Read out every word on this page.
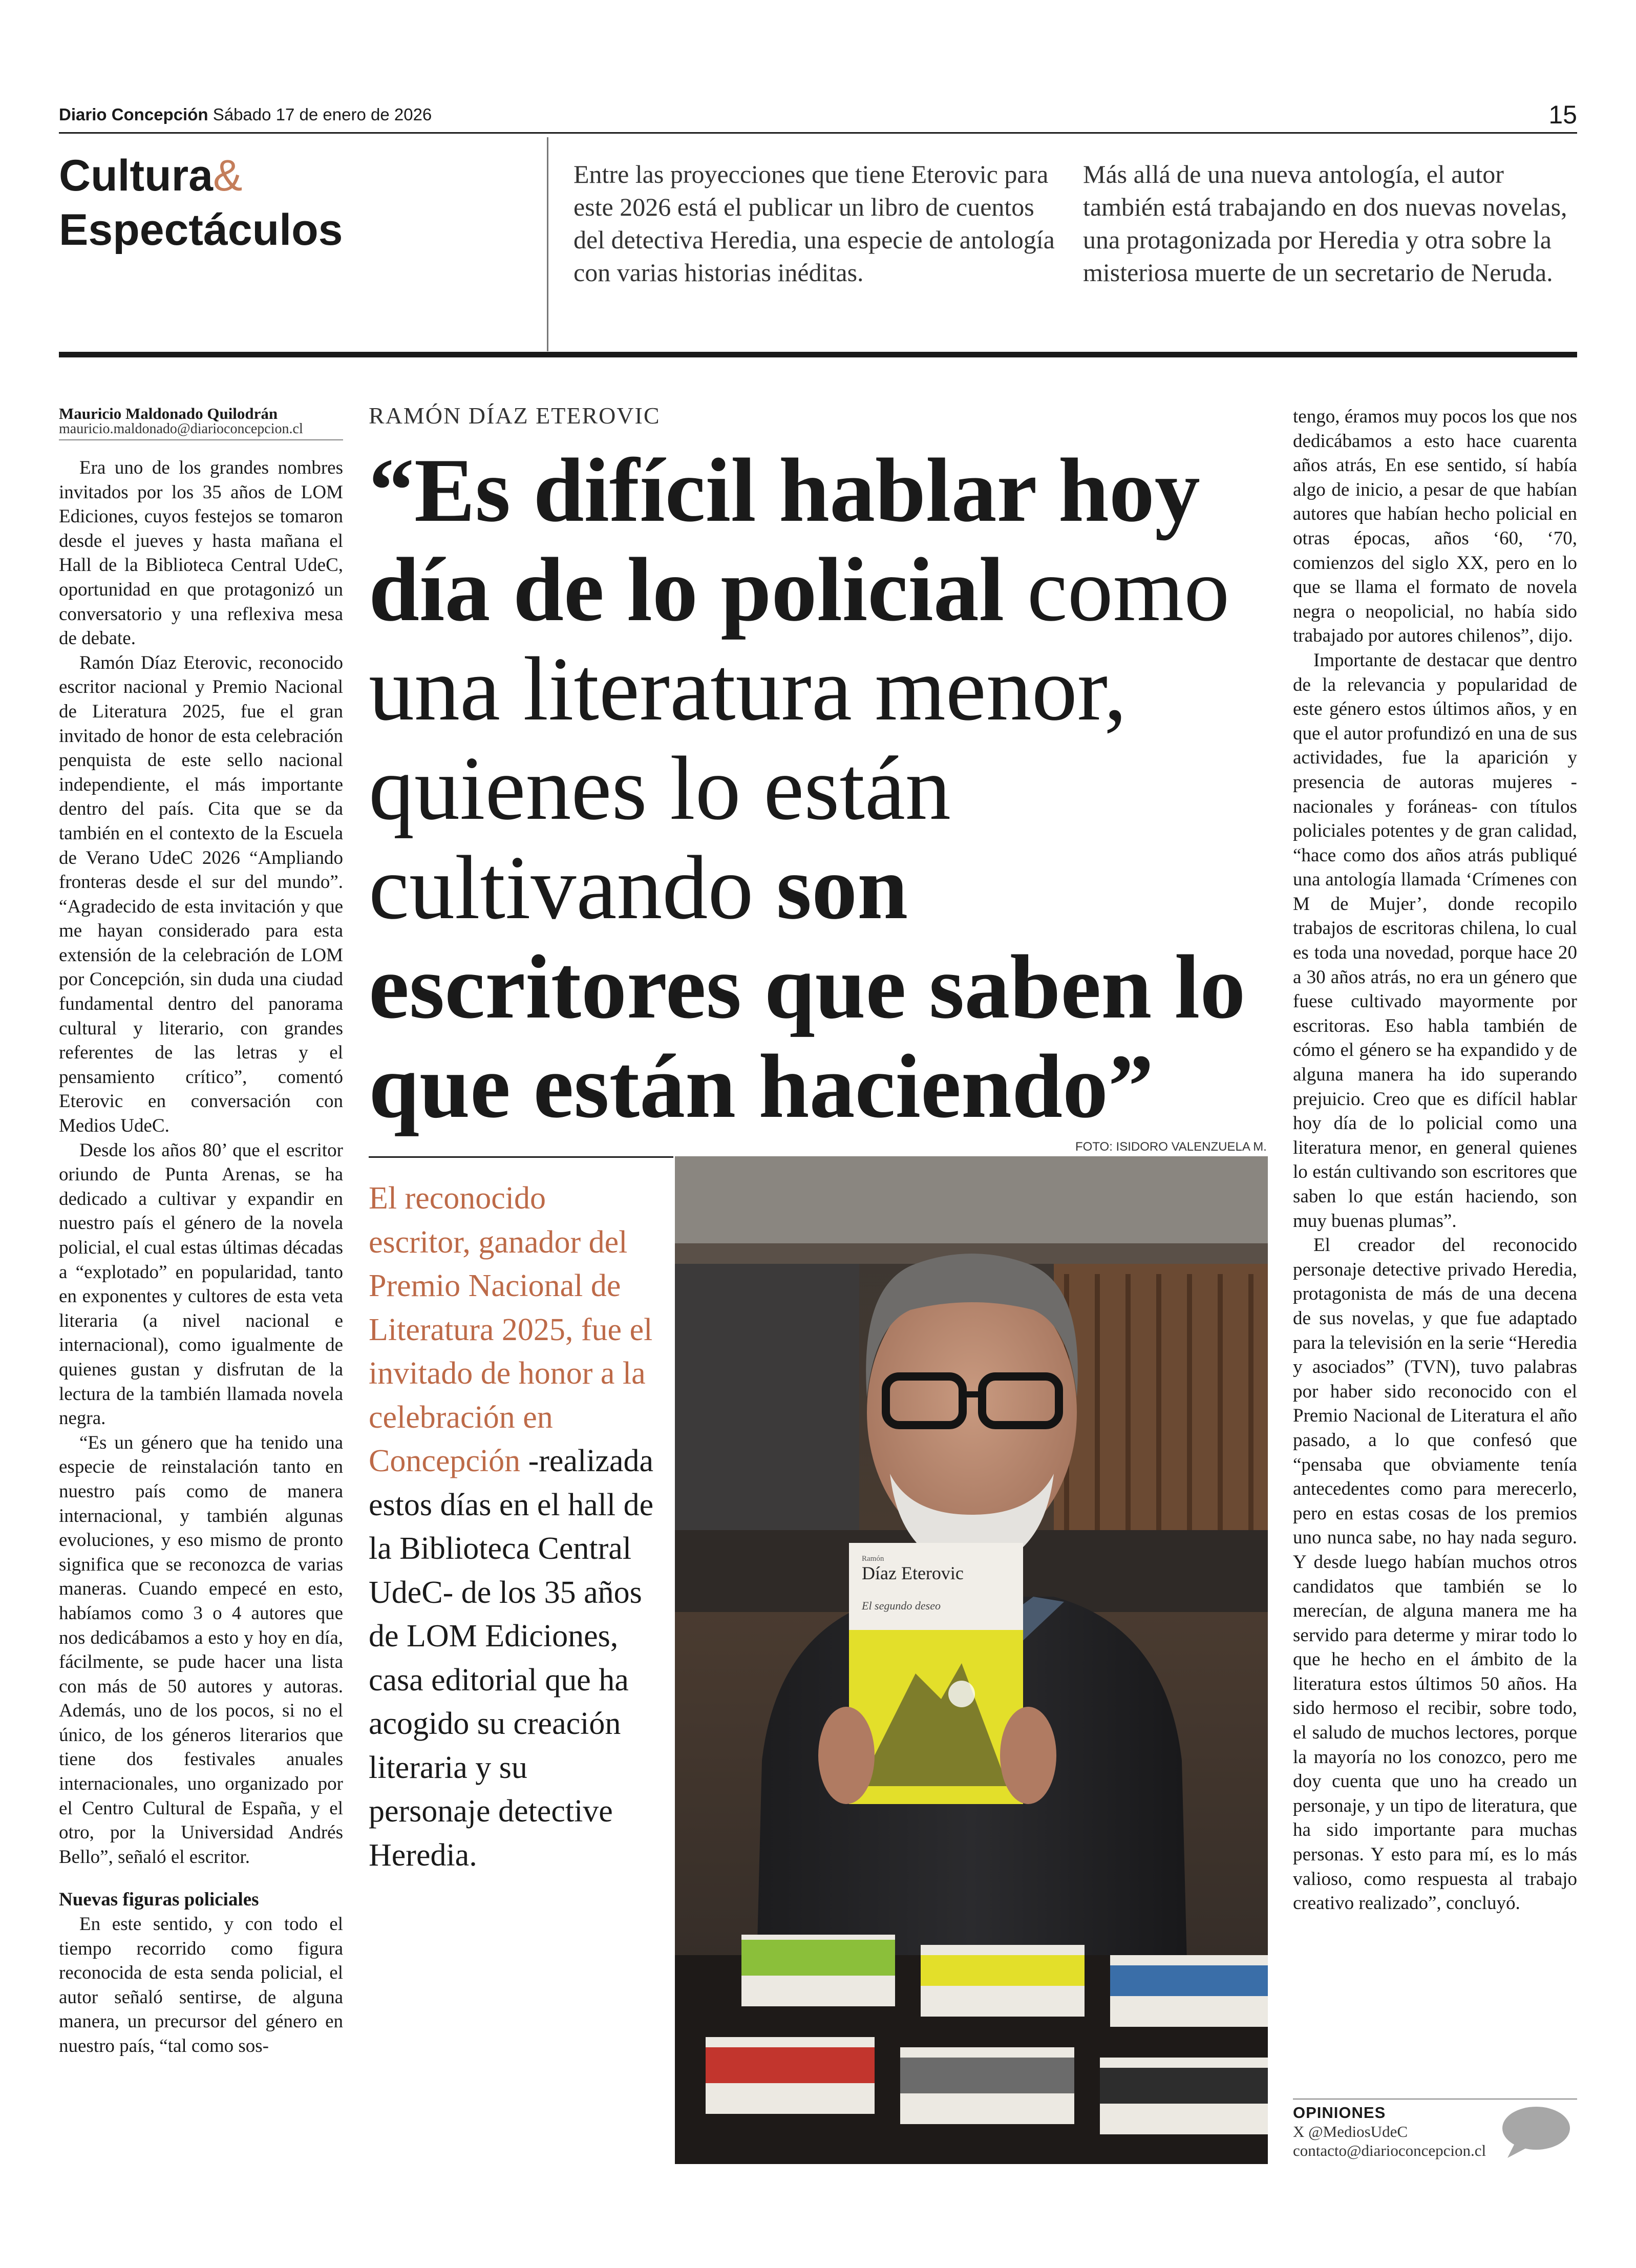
Diario Concepción Sábado 17 de enero de 2026	15
Cultura&
Espectáculos
Entre las proyecciones que tiene Eterovic para este 2026 está el publicar un libro de cuentos del detectiva Heredia, una especie de antología con varias historias inéditas.
Más allá de una nueva antología, el autor también está trabajando en dos nuevas novelas, una protagonizada por Heredia y otra sobre la misteriosa muerte de un secretario de Neruda.
Mauricio Maldonado Quilodrán
mauricio.maldonado@diarioconcepcion.cl

Era uno de los grandes nombres invitados por los 35 años de LOM Ediciones, cuyos festejos se tomaron desde el jueves y hasta mañana el Hall de la Biblioteca Central UdeC, oportunidad en que protagonizó un conversatorio y una reflexiva mesa de debate.

Ramón Díaz Eterovic, reconocido escritor nacional y Premio Nacional de Literatura 2025, fue el gran invitado de honor de esta celebración penquista de este sello nacional independiente, el más importante dentro del país. Cita que se da también en el contexto de la Escuela de Verano UdeC 2026 “Ampliando fronteras desde el sur del mundo”. “Agradecido de esta invitación y que me hayan considerado para esta extensión de la celebración de LOM por Concepción, sin duda una ciudad fundamental dentro del panorama cultural y literario, con grandes referentes de las letras y el pensamiento crítico”, comentó Eterovic en conversación con Medios UdeC.

Desde los años 80’ que el escritor oriundo de Punta Arenas, se ha dedicado a cultivar y expandir en nuestro país el género de la novela policial, el cual estas últimas décadas a “explotado” en popularidad, tanto en exponentes y cultores de esta veta literaria (a nivel nacional e internacional), como igualmente de quienes gustan y disfrutan de la lectura de la también llamada novela negra.

“Es un género que ha tenido una especie de reinstalación tanto en nuestro país como de manera internacional, y también algunas evoluciones, y eso mismo de pronto significa que se reconozca de varias maneras. Cuando empecé en esto, habíamos como 3 o 4 autores que nos dedicábamos a esto y hoy en día, fácilmente, se pude hacer una lista con más de 50 autores y autoras. Además, uno de los pocos, si no el único, de los géneros literarios que tiene dos festivales anuales internacionales, uno organizado por el Centro Cultural de España, y el otro, por la Universidad Andrés Bello”, señaló el escritor.

Nuevas figuras policiales

En este sentido, y con todo el tiempo recorrido como figura reconocida de esta senda policial, el autor señaló sentirse, de alguna manera, un precursor del género en nuestro país, “tal como sos-

RAMÓN DÍAZ ETEROVIC
“Es difícil hablar hoy día de lo policial como una literatura menor, quienes lo están cultivando son escritores que saben lo que están haciendo”
FOTO: ISIDORO VALENZUELA M.
El reconocido escritor, ganador del Premio Nacional de Literatura 2025, fue el invitado de honor a la celebración en Concepción -realizada estos días en el hall de la Biblioteca Central UdeC- de los 35 años de LOM Ediciones, casa editorial que ha acogido su creación literaria y su personaje detective Heredia.
Ramón
Díaz Eterovic
El segundo deseo

tengo, éramos muy pocos los que nos dedicábamos a esto hace cuarenta años atrás, En ese sentido, sí había algo de inicio, a pesar de que habían autores que habían hecho policial en otras épocas, años ‘60, ‘70, comienzos del siglo XX, pero en lo que se llama el formato de novela negra o neopolicial, no había sido trabajado por autores chilenos”, dijo.

Importante de destacar que dentro de la relevancia y popularidad de este género estos últimos años, y en que el autor profundizó en una de sus actividades, fue la aparición y presencia de autoras mujeres -nacionales y foráneas- con títulos policiales potentes y de gran calidad, “hace como dos años atrás publiqué una antología llamada ‘Crímenes con M de Mujer’, donde recopilo trabajos de escritoras chilena, lo cual es toda una novedad, porque hace 20 a 30 años atrás, no era un género que fuese cultivado mayormente por escritoras. Eso habla también de cómo el género se ha expandido y de alguna manera ha ido superando prejuicio. Creo que es difícil hablar hoy día de lo policial como una literatura menor, en general quienes lo están cultivando son escritores que saben lo que están haciendo, son muy buenas plumas”.

El creador del reconocido personaje detective privado Heredia, protagonista de más de una decena de sus novelas, y que fue adaptado para la televisión en la serie “Heredia y asociados” (TVN), tuvo palabras por haber sido reconocido con el Premio Nacional de Literatura el año pasado, a lo que confesó que “pensaba que obviamente tenía antecedentes como para merecerlo, pero en estas cosas de los premios uno nunca sabe, no hay nada seguro. Y desde luego habían muchos otros candidatos que también se lo merecían, de alguna manera me ha servido para determe y mirar todo lo que he hecho en el ámbito de la literatura estos últimos 50 años. Ha sido hermoso el recibir, sobre todo, el saludo de muchos lectores, porque la mayoría no los conozco, pero me doy cuenta que uno ha creado un personaje, y un tipo de literatura, que ha sido importante para muchas personas. Y esto para mí, es lo más valioso, como respuesta al trabajo creativo realizado”, concluyó.

OPINIONES
X @MediosUdeC
contacto@diarioconcepcion.cl
